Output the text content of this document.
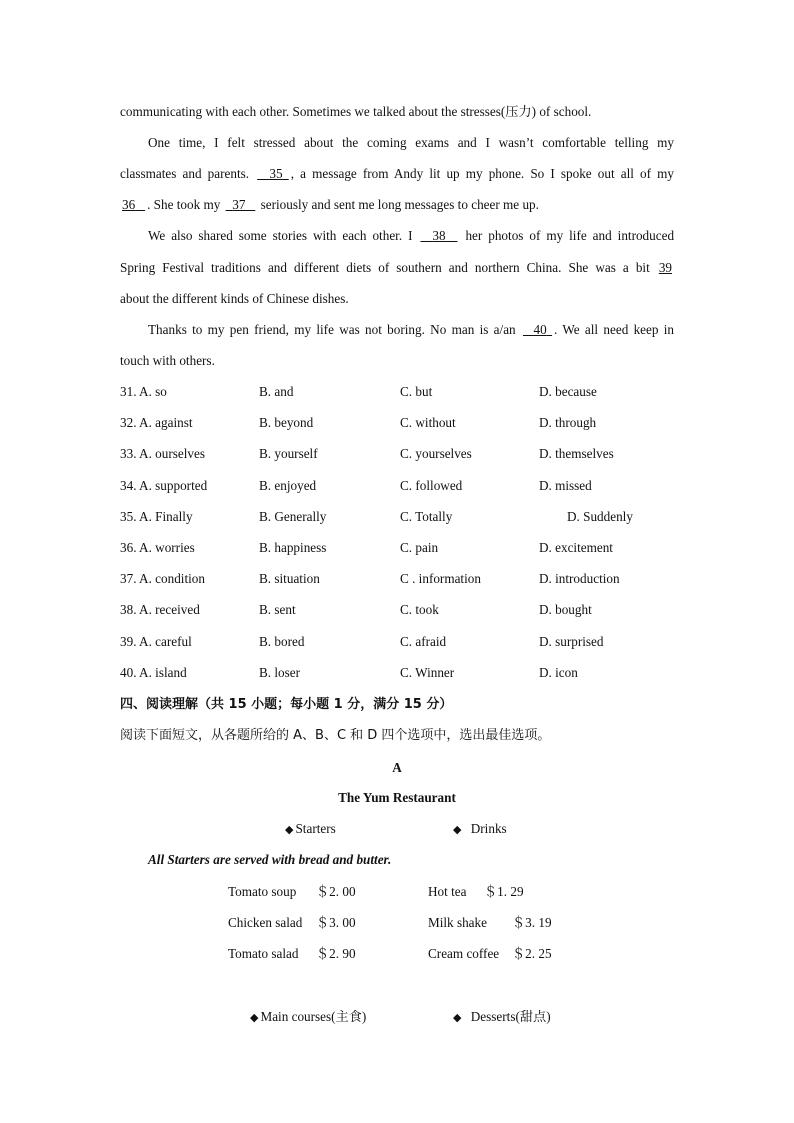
communicating with each other. Sometimes we talked about the stresses(压力) of school.
One time, I felt stressed about the coming exams and I wasn’t comfortable telling my
classmates and parents. 35 , a message from Andy lit up my phone. So I spoke out all of my
36 . She took my 37 seriously and sent me long messages to cheer me up.
We also shared some stories with each other. I 38 her photos of my life and introduced
Spring Festival traditions and different diets of southern and northern China. She was a bit 39
about the different kinds of Chinese dishes.
Thanks to my pen friend, my life was not boring. No man is a/an 40 . We all need keep in
touch with others.
31. A. so	B. and	C. but	D. because
32. A. against	B. beyond	C. without	D. through
33. A. ourselves	B. yourself	C. yourselves	D. themselves
34. A. supported	B. enjoyed	C. followed	D. missed
35. A. Finally	B. Generally	C. Totally	D. Suddenly
36. A. worries	B. happiness	C. pain	D. excitement
37. A. condition	B. situation	C . information	D. introduction
38. A. received	B. sent	C. took	D. bought
39. A. careful	B. bored	C. afraid	D. surprised
40. A. island	B. loser	C. Winner	D. icon
四、阅读理解（共 15 小题；每小题 1 分，满分 15 分）
阅读下面短文，从各题所给的 A、B、C 和 D 四个选项中，选出最佳选项。
A
The Yum Restaurant
◆ Starters	◆ Drinks
All Starters are served with bread and butter.
Tomato soup ＄2. 00	Hot tea ＄1. 29
Chicken salad ＄3. 00	Milk shake ＄3. 19
Tomato salad ＄2. 90	Cream coffee ＄2. 25
◆ Main courses(主食)	◆ Desserts(甜点)
